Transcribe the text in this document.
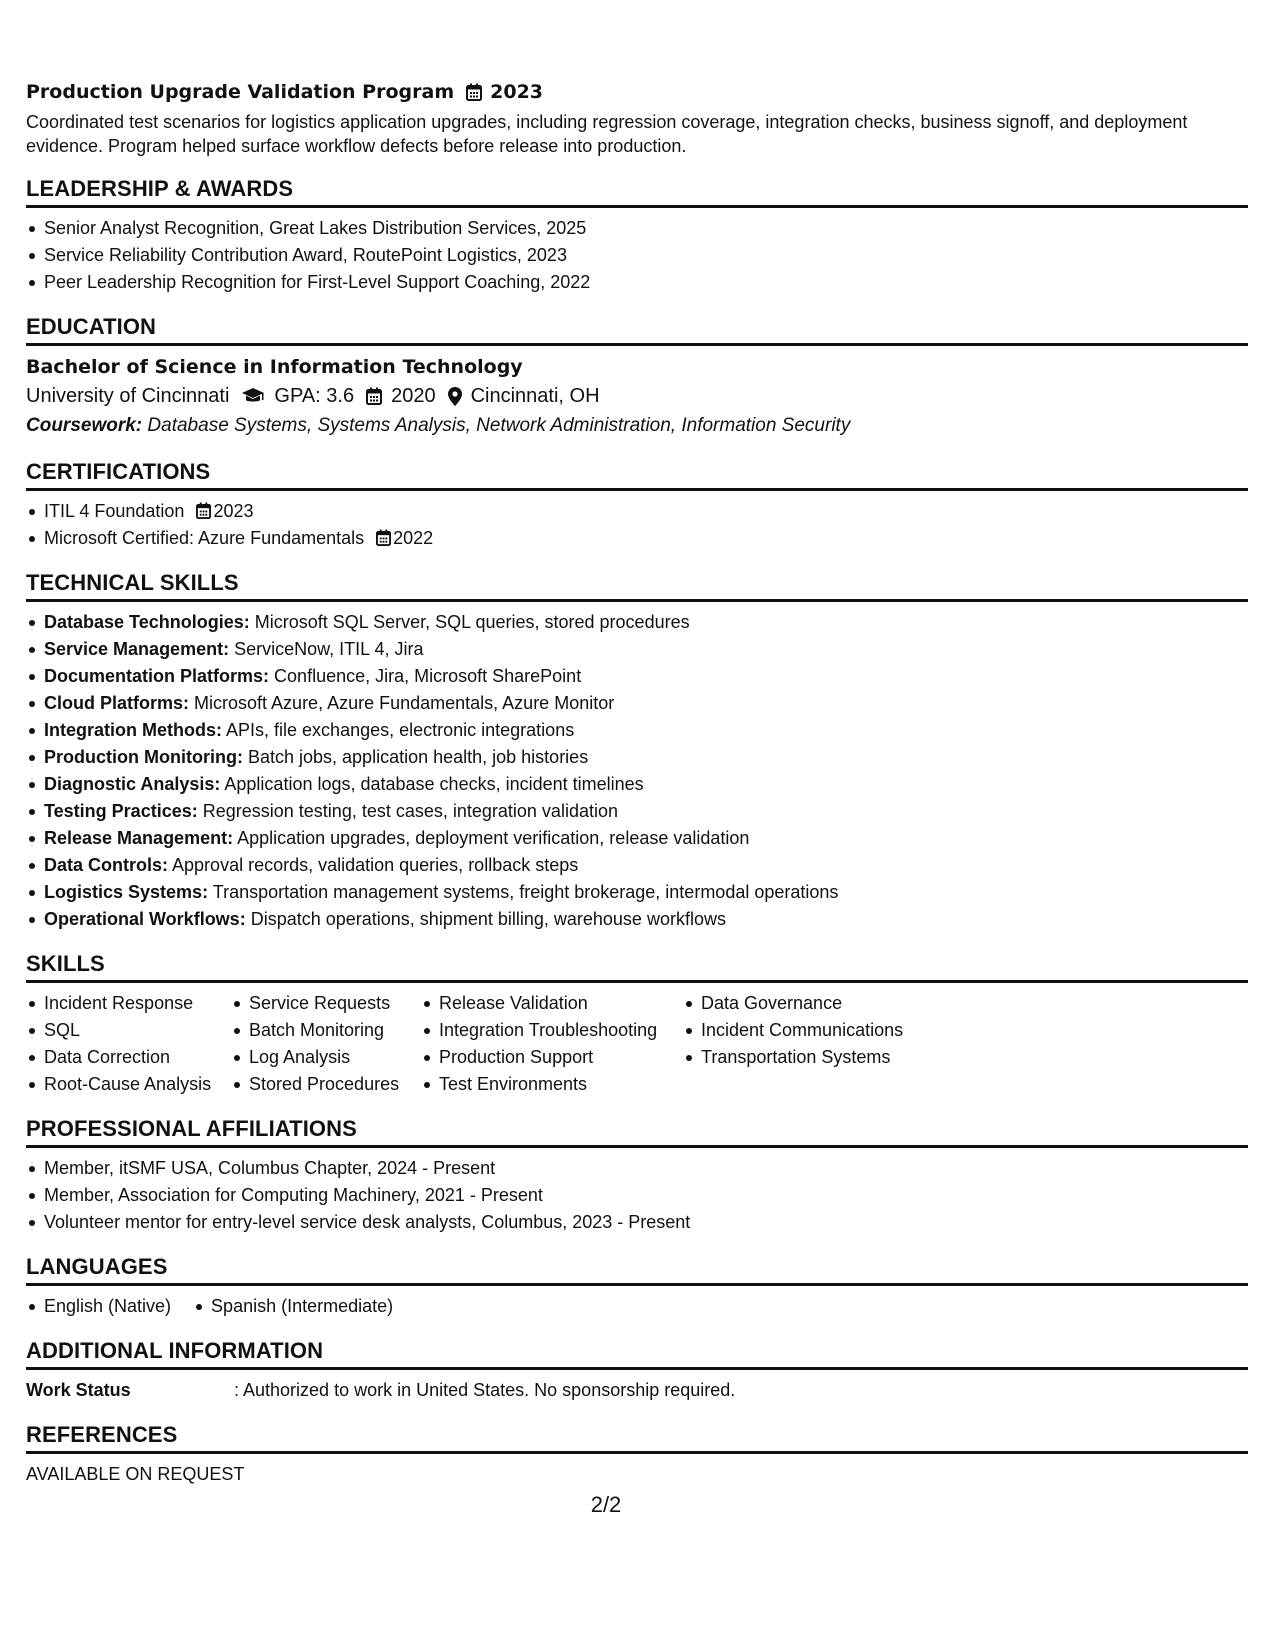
Production Upgrade Validation Program 2023
Coordinated test scenarios for logistics application upgrades, including regression coverage, integration checks, business signoff, and deployment evidence. Program helped surface workflow defects before release into production.
LEADERSHIP & AWARDS
Senior Analyst Recognition, Great Lakes Distribution Services, 2025
Service Reliability Contribution Award, RoutePoint Logistics, 2023
Peer Leadership Recognition for First-Level Support Coaching, 2022
EDUCATION
Bachelor of Science in Information Technology
University of Cincinnati GPA: 3.6 2020 Cincinnati, OH
Coursework: Database Systems, Systems Analysis, Network Administration, Information Security
CERTIFICATIONS
ITIL 4 Foundation 2023
Microsoft Certified: Azure Fundamentals 2022
TECHNICAL SKILLS
Database Technologies: Microsoft SQL Server, SQL queries, stored procedures
Service Management: ServiceNow, ITIL 4, Jira
Documentation Platforms: Confluence, Jira, Microsoft SharePoint
Cloud Platforms: Microsoft Azure, Azure Fundamentals, Azure Monitor
Integration Methods: APIs, file exchanges, electronic integrations
Production Monitoring: Batch jobs, application health, job histories
Diagnostic Analysis: Application logs, database checks, incident timelines
Testing Practices: Regression testing, test cases, integration validation
Release Management: Application upgrades, deployment verification, release validation
Data Controls: Approval records, validation queries, rollback steps
Logistics Systems: Transportation management systems, freight brokerage, intermodal operations
Operational Workflows: Dispatch operations, shipment billing, warehouse workflows
SKILLS
Incident Response
SQL
Data Correction
Root-Cause Analysis
Service Requests
Batch Monitoring
Log Analysis
Stored Procedures
Release Validation
Integration Troubleshooting
Production Support
Test Environments
Data Governance
Incident Communications
Transportation Systems
PROFESSIONAL AFFILIATIONS
Member, itSMF USA, Columbus Chapter, 2024 - Present
Member, Association for Computing Machinery, 2021 - Present
Volunteer mentor for entry-level service desk analysts, Columbus, 2023 - Present
LANGUAGES
English (Native)	Spanish (Intermediate)
ADDITIONAL INFORMATION
Work Status	: Authorized to work in United States. No sponsorship required.
REFERENCES
AVAILABLE ON REQUEST
2/2
